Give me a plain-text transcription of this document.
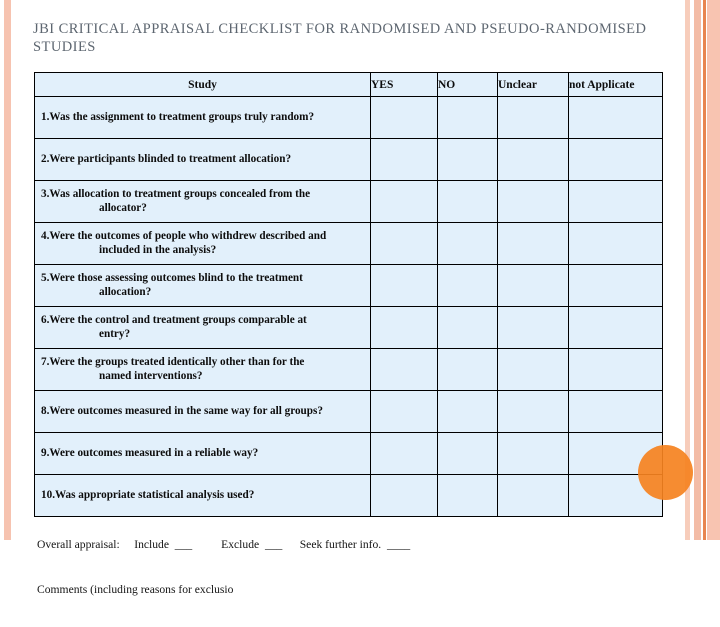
JBI CRITICAL APPRAISAL CHECKLIST FOR RANDOMISED AND PSEUDO-RANDOMISED STUDIES
Study	YES	NO	Unclear	not Applicate
1.Was the assignment to treatment groups truly random?				
2.Were participants blinded to treatment allocation?				
3.Was allocation to treatment groups concealed from the
allocator?				

4.Were the outcomes of people who withdrew described and
included in the analysis?				

5.Were those assessing outcomes blind to the treatment
allocation?				

6.Were the control and treatment groups comparable at
entry?				

7.Were the groups treated identically other than for the
named interventions?				

8.Were outcomes measured in the same way for all groups?				
9.Were outcomes measured in a reliable way?				
10.Was appropriate statistical analysis used?				

Overall appraisal:     Include  ___          Exclude  ___      Seek further info.  ____

Comments (including reasons for exclusio
